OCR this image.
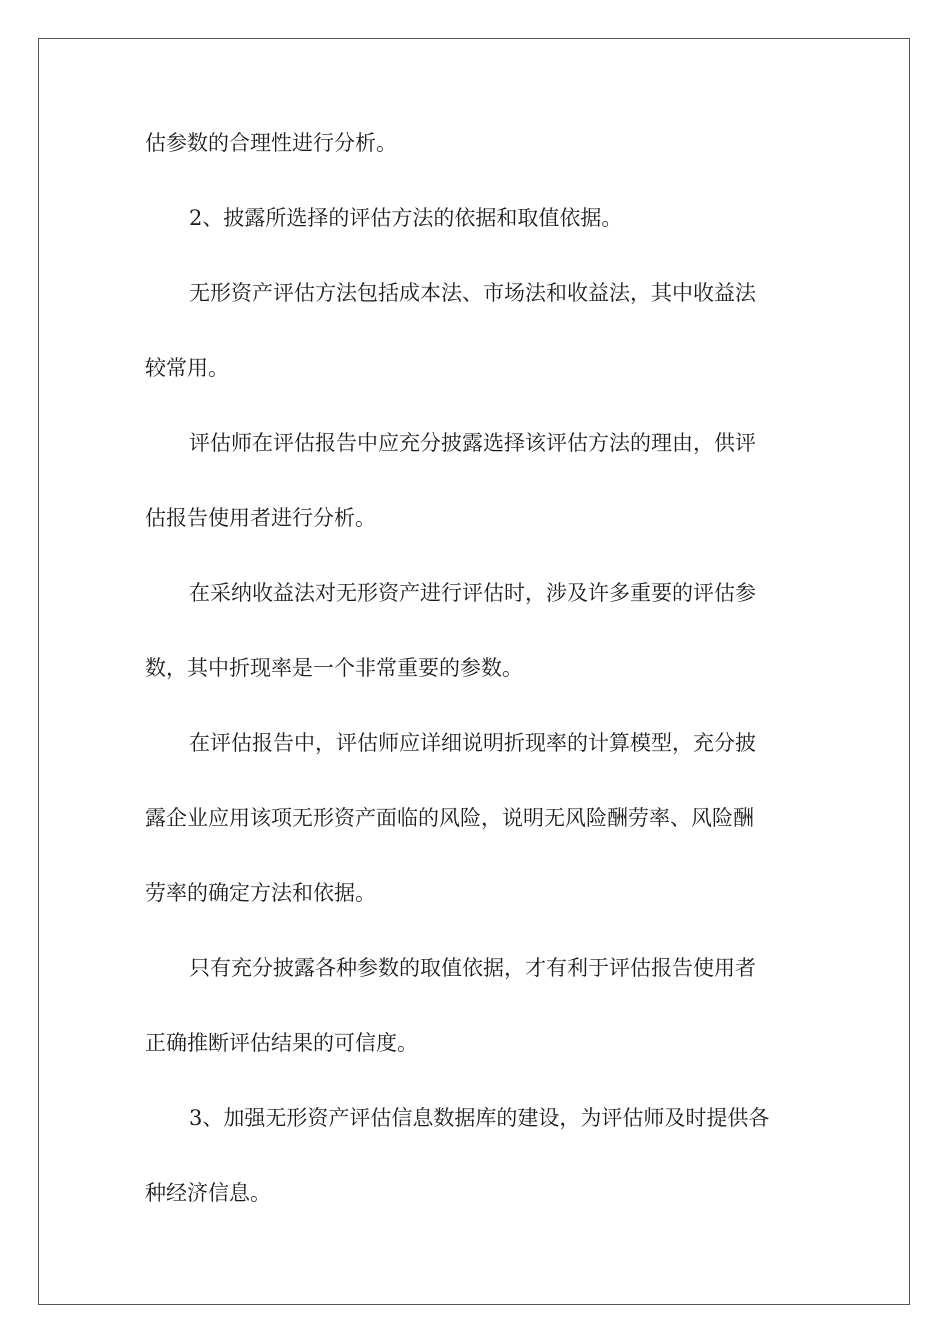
估参数的合理性进行分析。
2、披露所选择的评估方法的依据和取值依据。
无形资产评估方法包括成本法、市场法和收益法，其中收益法
较常用。
评估师在评估报告中应充分披露选择该评估方法的理由，供评
估报告使用者进行分析。
在采纳收益法对无形资产进行评估时，涉及许多重要的评估参
数，其中折现率是一个非常重要的参数。
在评估报告中，评估师应详细说明折现率的计算模型，充分披
露企业应用该项无形资产面临的风险，说明无风险酬劳率、风险酬
劳率的确定方法和依据。
只有充分披露各种参数的取值依据，才有利于评估报告使用者
正确推断评估结果的可信度。
3、加强无形资产评估信息数据库的建设，为评估师及时提供各
种经济信息。
